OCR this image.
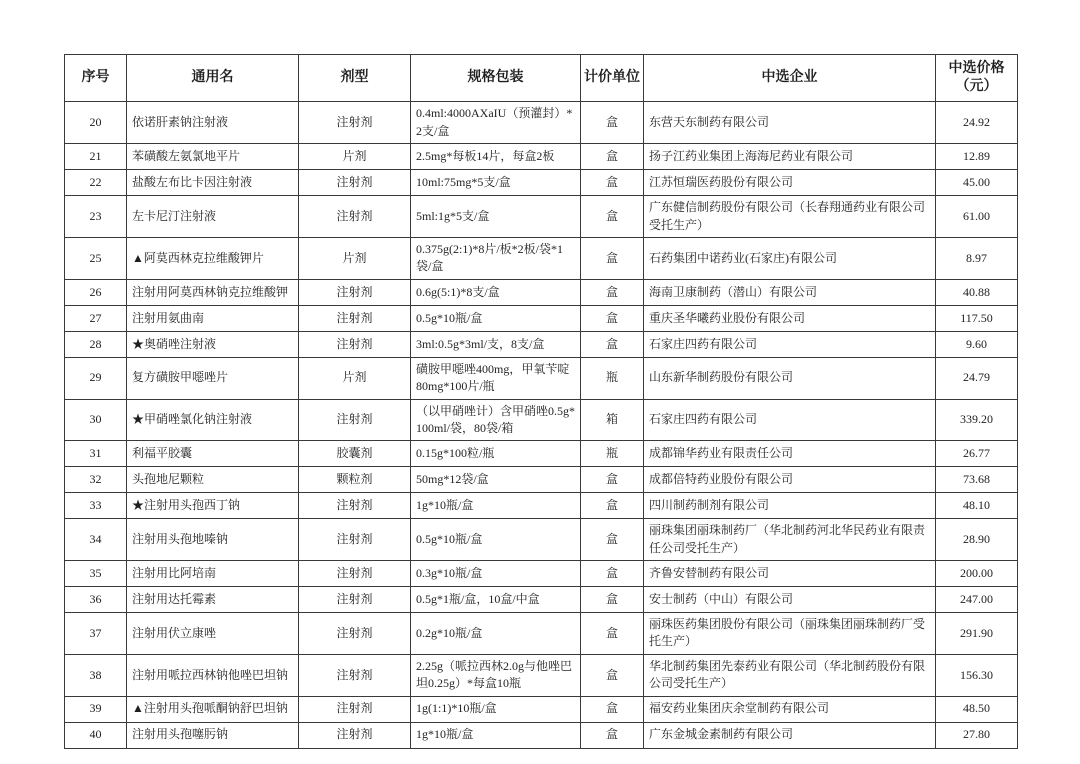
序号	通用名	剂型	规格包装	计价单位	中选企业	中选价格（元）
20	依诺肝素钠注射液	注射剂	0.4ml:4000AXaIU（预灌封）*2支/盒	盒	东营天东制药有限公司	24.92
21	苯磺酸左氨氯地平片	片剂	2.5mg*每板14片，每盒2板	盒	扬子江药业集团上海海尼药业有限公司	12.89
22	盐酸左布比卡因注射液	注射剂	10ml:75mg*5支/盒	盒	江苏恒瑞医药股份有限公司	45.00
23	左卡尼汀注射液	注射剂	5ml:1g*5支/盒	盒	广东健信制药股份有限公司（长春翔通药业有限公司受托生产）	61.00
25	▲阿莫西林克拉维酸钾片	片剂	0.375g(2:1)*8片/板*2板/袋*1袋/盒	盒	石药集团中诺药业(石家庄)有限公司	8.97
26	注射用阿莫西林钠克拉维酸钾	注射剂	0.6g(5:1)*8支/盒	盒	海南卫康制药（潜山）有限公司	40.88
27	注射用氨曲南	注射剂	0.5g*10瓶/盒	盒	重庆圣华曦药业股份有限公司	117.50
28	★奥硝唑注射液	注射剂	3ml:0.5g*3ml/支，8支/盒	盒	石家庄四药有限公司	9.60
29	复方磺胺甲噁唑片	片剂	磺胺甲噁唑400mg，甲氧苄啶80mg*100片/瓶	瓶	山东新华制药股份有限公司	24.79
30	★甲硝唑氯化钠注射液	注射剂	（以甲硝唑计）含甲硝唑0.5g*100ml/袋，80袋/箱	箱	石家庄四药有限公司	339.20
31	利福平胶囊	胶囊剂	0.15g*100粒/瓶	瓶	成都锦华药业有限责任公司	26.77
32	头孢地尼颗粒	颗粒剂	50mg*12袋/盒	盒	成都倍特药业股份有限公司	73.68
33	★注射用头孢西丁钠	注射剂	1g*10瓶/盒	盒	四川制药制剂有限公司	48.10
34	注射用头孢地嗪钠	注射剂	0.5g*10瓶/盒	盒	丽珠集团丽珠制药厂（华北制药河北华民药业有限责任公司受托生产）	28.90
35	注射用比阿培南	注射剂	0.3g*10瓶/盒	盒	齐鲁安替制药有限公司	200.00
36	注射用达托霉素	注射剂	0.5g*1瓶/盒，10盒/中盒	盒	安士制药（中山）有限公司	247.00
37	注射用伏立康唑	注射剂	0.2g*10瓶/盒	盒	丽珠医药集团股份有限公司（丽珠集团丽珠制药厂受托生产）	291.90
38	注射用哌拉西林钠他唑巴坦钠	注射剂	2.25g（哌拉西林2.0g与他唑巴坦0.25g）*每盒10瓶	盒	华北制药集团先泰药业有限公司（华北制药股份有限公司受托生产）	156.30
39	▲注射用头孢哌酮钠舒巴坦钠	注射剂	1g(1:1)*10瓶/盒	盒	福安药业集团庆余堂制药有限公司	48.50
40	注射用头孢噻肟钠	注射剂	1g*10瓶/盒	盒	广东金城金素制药有限公司	27.80
